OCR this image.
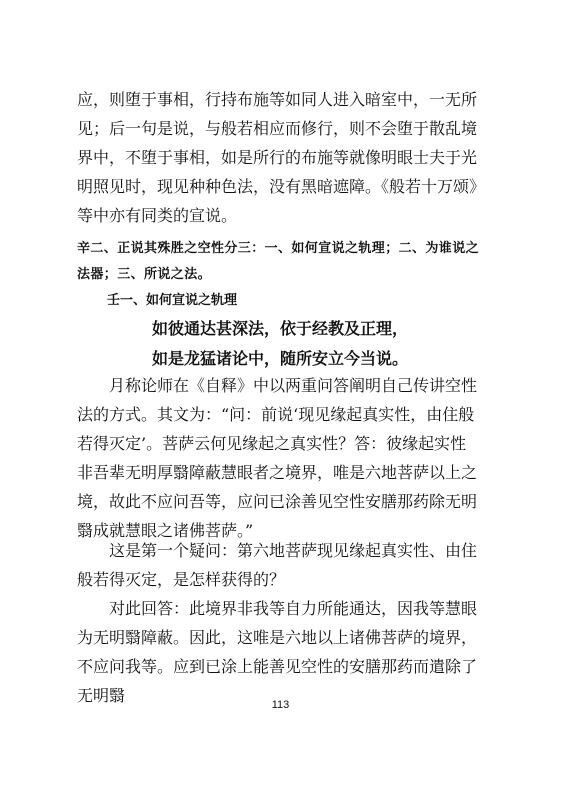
应，则堕于事相，行持布施等如同人进入暗室中，一无所见；后一句是说，与般若相应而修行，则不会堕于散乱境界中，不堕于事相，如是所行的布施等就像明眼士夫于光明照见时，现见种种色法，没有黑暗遮障。《般若十万颂》等中亦有同类的宣说。

辛二、正说其殊胜之空性分三：一、如何宣说之轨理；二、为谁说之法器；三、所说之法。

壬一、如何宣说之轨理

如彼通达甚深法，依于经教及正理，

如是龙猛诸论中，随所安立今当说。

月称论师在《自释》中以两重问答阐明自己传讲空性法的方式。其文为：“问：前说‘现见缘起真实性，由住般若得灭定’。菩萨云何见缘起之真实性？答：彼缘起实性非吾辈无明厚翳障蔽慧眼者之境界，唯是六地菩萨以上之境，故此不应问吾等，应问已涂善见空性安膳那药除无明翳成就慧眼之诸佛菩萨。”

这是第一个疑问：第六地菩萨现见缘起真实性、由住般若得灭定，是怎样获得的？

对此回答：此境界非我等自力所能通达，因我等慧眼为无明翳障蔽。因此，这唯是六地以上诸佛菩萨的境界，不应问我等。应到已涂上能善见空性的安膳那药而遣除了无明翳	113
